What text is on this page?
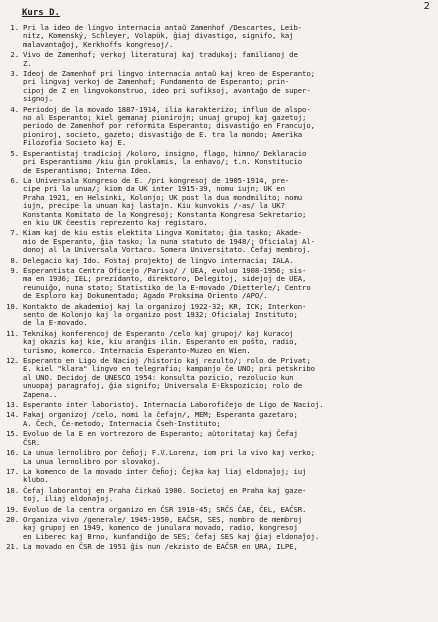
2
Kurs D.
1. Pri la ideo de lingvo internacia antaŭ Zamenhof /Descartes, Leib-
nitz, Komenský, Schleyer, Volapük, ĝiaj divastigo, signifo, kaj
malavantaĝoj, Kerkhoffs kongresoj/.
2. Vivo de Zamenhof; verkoj literaturaj kaj tradukaj; familianoj de
Z.
3. Ideoj de Zamenhof pri lingvo internacia antaŭ kaj kreo de Esperanto;
pri lingvaj verkoj de Zamenhof; Fundamento de Esperanto; prin-
cipoj de Z en lingvokonstruo, ideo pri sufiksoj, avantaĝo de super-
signoj.
4. Periodoj de la movado 1887-1914, ilia karakterizo; influo de alspo-
no al Esperanto; kiel gemanaj pionirojn; unuaj grupoj kaj gazetoj;
periodo de Zamenhof por reformita Esperanto; disvastiĝo en Francujo,
pioniroj, societo, gazeto; disvastiĝo de E. tra la mondo; Amerika
Filozofia Societo kaj E.
5. Esperantistaj tradicioj /koloro, insigno, flago, himno/ Deklaracio
pri Esperantismo /kiu ĝin proklamis, la enhavo/; t.n. Konstitucio
de Esperantismo; Interna Ideo.
6. La Universala Kongreso de E. /pri kongresoj de 1905-1914, pre-
cipe pri la unua/; kiom da UK inter 1915-39, nomu iujn; UK en
Praha 1921, en Helsinki, Kolonjo; UK post la dua mondmilito; nomu
iujn, precipe la unuan kaj lastajn. Kiu kunvokis /-as/ la UK?
Konstanta Komitato de la Kongresoj; Konstanta Kongresa Sekretario;
en kiu UK ĉeestis reprezento kaj registaro.
7. Kiam kaj de kiu estis elektita Lingva Komitato; ĝia tasko; Akade-
mio de Esperanto, ĝia tasko; la nuna statuto de 1948/; Oficialaj Al-
donoj al la Universala Vortaro. Somera Universitato. Ĉefaj membroj.
8. Delegacio kaj Ido. Fostaj projektoj de lingvo internacia; IALA.
9. Esperantista Centra Oficejo /Pariso/ / UEA, evoluo 1908-1956; sis-
ma en 1936; IEL; prezidanto, direktoro, Delegitoj, sidejoj de UEA,
reunuiĝo, nuna stato; Statistiko de la E-movado /Dietterle/; Centro
de Esploro kaj Dokumentado; Agado Proksima Oriento /APO/.
10. Kontakto de akademioj kaj la organizoj 1922-32; KR, ICK; Interkon-
sento de Kolonjo kaj la organizo post 1932; Oficialaj Instituto;
de la E-movado.
11. Teknikaj konferencoj de Esperanto /celo kaj grupoj/ kaj kuracoj
kaj okazis kaj kie, kiu aranĝis ilin. Esperanto en poŝto, radio,
turismo, komerco. Internacia Esperanto-Muzeo en Wien.
12. Esperanto en Ligo de Nacioj /historio kaj rezulto/; rolo de Privat;
E. kiel "klara" lingvo en telegrafio; kampanjo ĉe UNO; pri petskribo
al UNO. Decidoj de UNESCO 1954: konsulta pozicio, rezolucio kun
unuopaj paragrafoj, ĝia signifo; Universala E-Ekspozicio; rolo de
Zapena..
13. Esperanto inter laboristoj. Internacia Laborofiĉejo de Ligo de Nacioj.
14. Fakaj organizoj /celo, nomi la ĉefajn/, MEM; Esperanta gazetaro;
A. Ĉech, Ĉe-metodo, Internacia Ĉseh-Instituto;
15. Evoluo de la E en vortrezoro de Esperanto; aŭtoritataj kaj Ĉefaj
ĈSR.
16. La unua lernolibro por ĉeĥoj; F.V.Lorenz, iom pri la vivo kaj verko;
La unua lernolibro por slovakoj.
17. La komenco de la movado inter ĉeĥoj; Ĉejka kaj liaj eldonaĵoj; iuj
klubo.
18. Ĉefaj laborantoj en Praha ĉirkaŭ 1900. Societoj en Praha kaj gaze-
toj, iliaj eldonaĵoj.
19. Evoluo de la centra organizo en ĈSR 1918-45; SRĈS ĈAE, ĈEL, EAĈSR.
20. Organiza vivo /generale/ 1945-1950, EAĈSR, SES, nombro de membroj
kaj grupoj en 1949, komenco de junulara movado, radio, kongresoj
en Liberec kaj Brno, kunfandiĝo de SES; ĉefaj SES kaj ĝiaj eldonaĵoj.
21. La movado en ĈSR de 1951 ĝis nun /ekzisto de EAĈSR en URA, ILPE,
